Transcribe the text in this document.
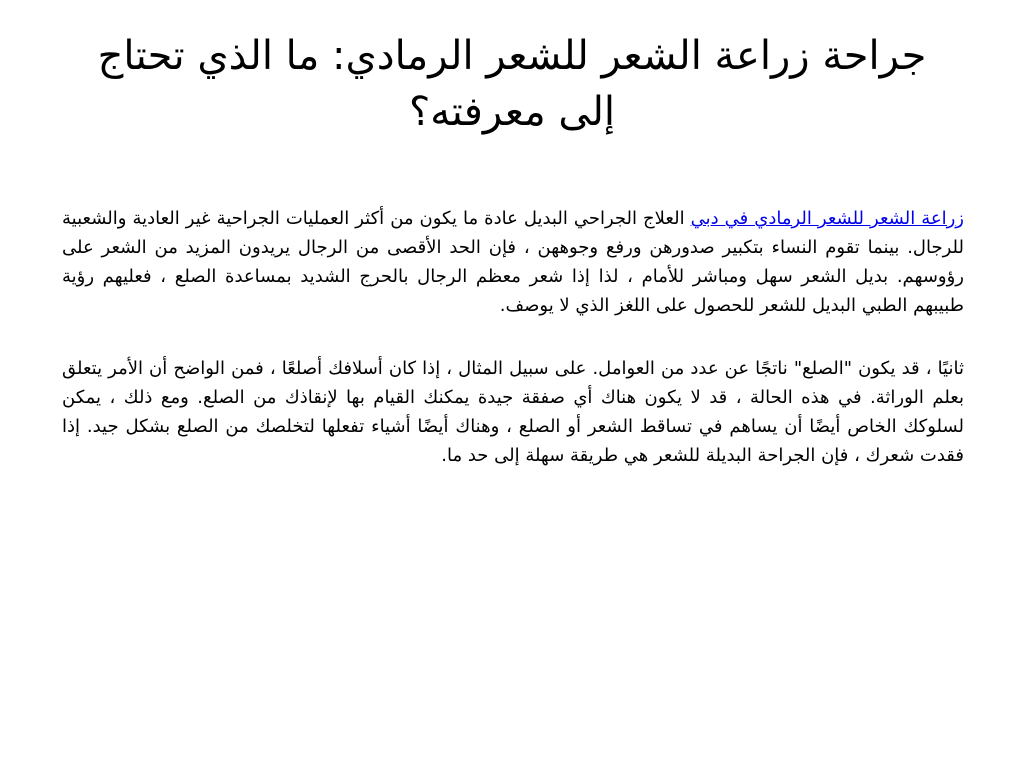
جراحة زراعة الشعر للشعر الرمادي: ما الذي تحتاج إلى معرفته؟

زراعة الشعر للشعر الرمادي في دبي العلاج الجراحي البديل عادة ما يكون من أكثر العمليات الجراحية غير العادية والشعبية للرجال. بينما تقوم النساء بتكبير صدورهن ورفع وجوههن ، فإن الحد الأقصى من الرجال يريدون المزيد من الشعر على رؤوسهم. بديل الشعر سهل ومباشر للأمام ، لذا إذا شعر معظم الرجال بالحرج الشديد بمساعدة الصلع ، فعليهم رؤية طبيبهم الطبي البديل للشعر للحصول على اللغز الذي لا يوصف.

ثانيًا ، قد يكون "الصلع" ناتجًا عن عدد من العوامل. على سبيل المثال ، إذا كان أسلافك أصلعًا ، فمن الواضح أن الأمر يتعلق بعلم الوراثة. في هذه الحالة ، قد لا يكون هناك أي صفقة جيدة يمكنك القيام بها لإنقاذك من الصلع. ومع ذلك ، يمكن لسلوكك الخاص أيضًا أن يساهم في تساقط الشعر أو الصلع ، وهناك أيضًا أشياء تفعلها لتخلصك من الصلع بشكل جيد. إذا فقدت شعرك ، فإن الجراحة البديلة للشعر هي طريقة سهلة إلى حد ما.
